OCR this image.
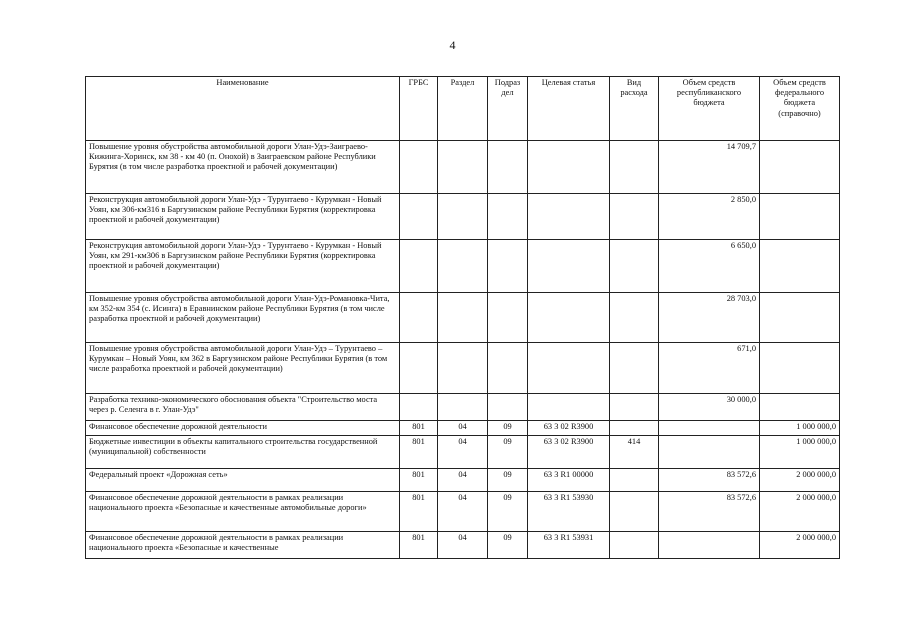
4
Наименование	ГРБС	Раздел	Подраз дел	Целевая статья	Вид расхода	Объем средств республиканского бюджета	Объем средств федерального бюджета (справочно)
Повышение уровня обустройства автомобильной дороги Улан-Удэ-Заиграево-Кижинга-Хоринск, км 38 - км 40 (п. Онохой) в Заиграевском районе Республики Бурятия (в том числе разработка проектной и рабочей документации)						14 709,7	
Реконструкция автомобильной дороги Улан-Удэ - Турунтаево - Курумкан - Новый Уоян, км 306-км316 в Баргузинском районе Республики Бурятия (корректировка проектной и рабочей документации)						2 850,0	
Реконструкция автомобильной дороги Улан-Удэ - Турунтаево - Курумкан - Новый Уоян, км 291-км306 в Баргузинском районе Республики Бурятия (корректировка проектной и рабочей документации)						6 650,0	
Повышение уровня обустройства автомобильной дороги Улан-Удэ-Романовка-Чита, км 352-км 354 (с. Исинга) в Еравнинском районе Республики Бурятия (в том числе разработка проектной и рабочей документации)						28 703,0	
Повышение уровня обустройства автомобильной дороги Улан-Удэ – Турунтаево – Курумкан – Новый Уоян, км 362 в Баргузинском районе Республики Бурятия (в том числе разработка проектной и рабочей документации)						671,0	
Разработка технико-экономического обоснования объекта "Строительство моста через р. Селенга в г. Улан-Удэ"						30 000,0	
Финансовое обеспечение дорожной деятельности	801	04	09	63 3 02 R3900			1 000 000,0
Бюджетные инвестиции в объекты капитального строительства государственной (муниципальной) собственности	801	04	09	63 3 02 R3900	414		1 000 000,0
Федеральный проект «Дорожная сеть»	801	04	09	63 3 R1 00000		83 572,6	2 000 000,0
Финансовое обеспечение дорожной деятельности в рамках реализации национального проекта «Безопасные и качественные автомобильные дороги»	801	04	09	63 3 R1 53930		83 572,6	2 000 000,0
Финансовое обеспечение дорожной деятельности в рамках реализации национального проекта «Безопасные и качественные	801	04	09	63 3 R1 53931			2 000 000,0
